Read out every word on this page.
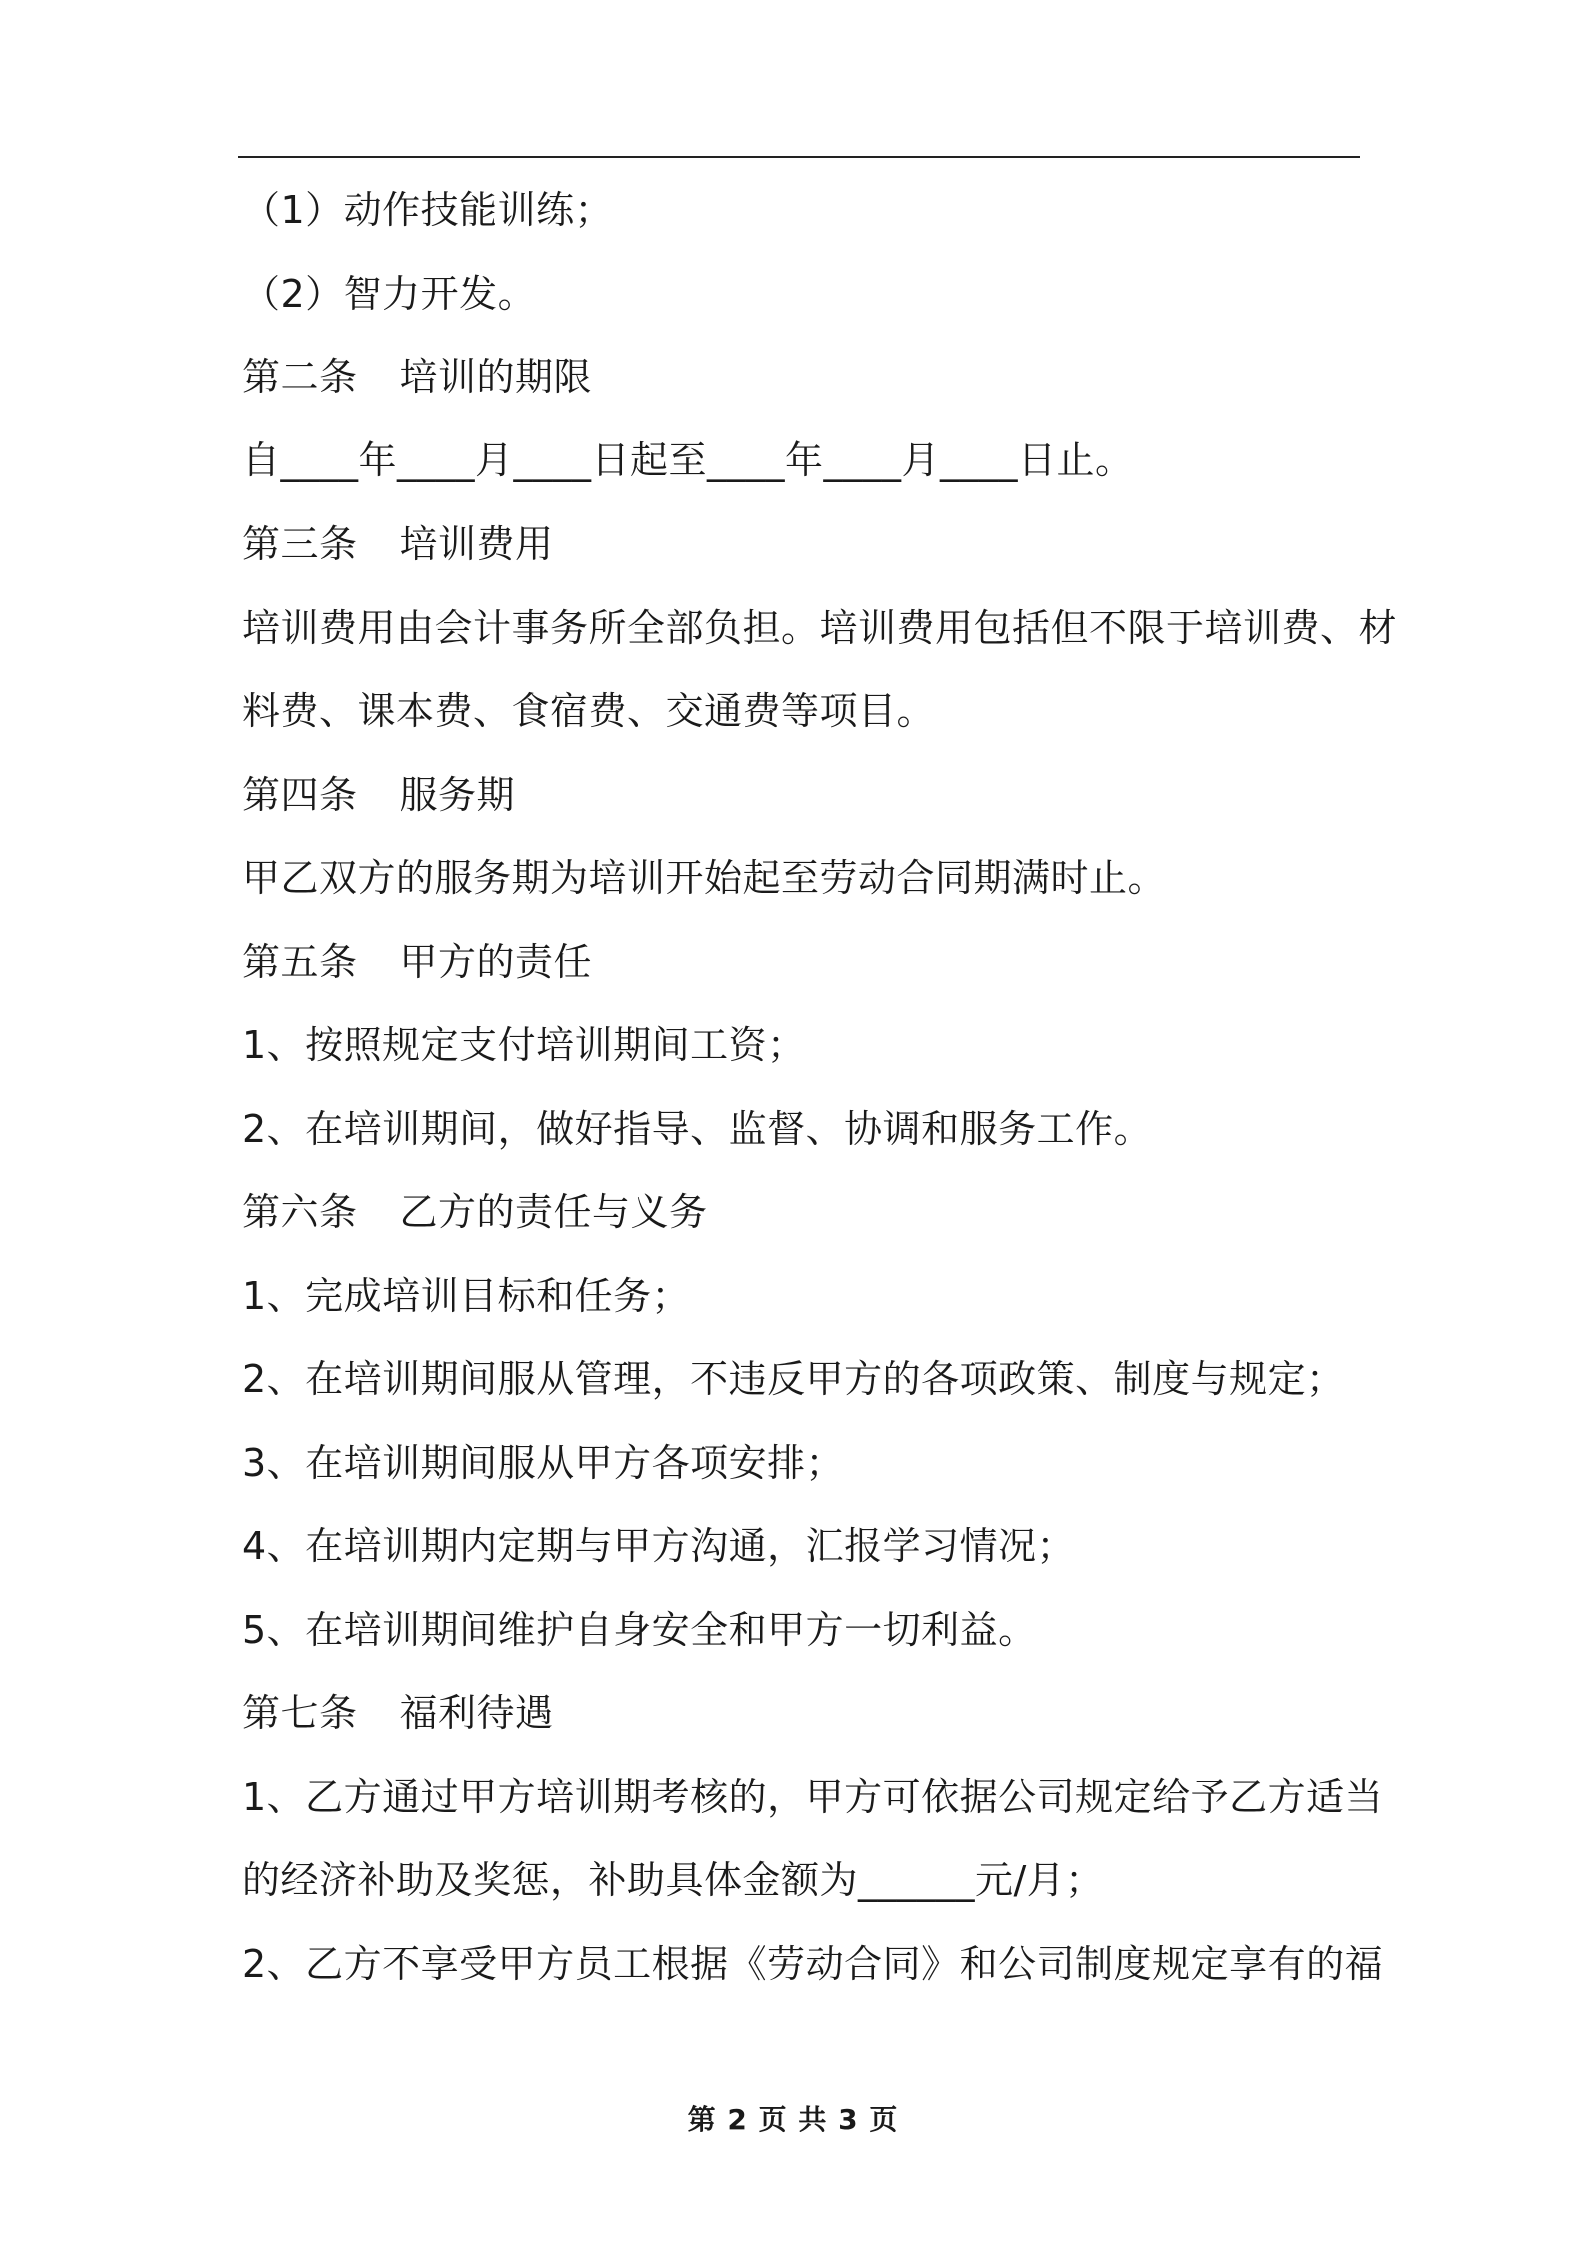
（1）动作技能训练；
（2）智力开发。
第二条 培训的期限
自____年____月____日起至____年____月____日止。
第三条 培训费用
培训费用由会计事务所全部负担。培训费用包括但不限于培训费、材
料费、课本费、食宿费、交通费等项目。
第四条 服务期
甲乙双方的服务期为培训开始起至劳动合同期满时止。
第五条 甲方的责任
1、按照规定支付培训期间工资；
2、在培训期间，做好指导、监督、协调和服务工作。
第六条 乙方的责任与义务
1、完成培训目标和任务；
2、在培训期间服从管理，不违反甲方的各项政策、制度与规定；
3、在培训期间服从甲方各项安排；
4、在培训期内定期与甲方沟通，汇报学习情况；
5、在培训期间维护自身安全和甲方一切利益。
第七条 福利待遇
1、乙方通过甲方培训期考核的，甲方可依据公司规定给予乙方适当
的经济补助及奖惩，补助具体金额为______元/月；
2、乙方不享受甲方员工根据《劳动合同》和公司制度规定享有的福
第 2 页 共 3 页
